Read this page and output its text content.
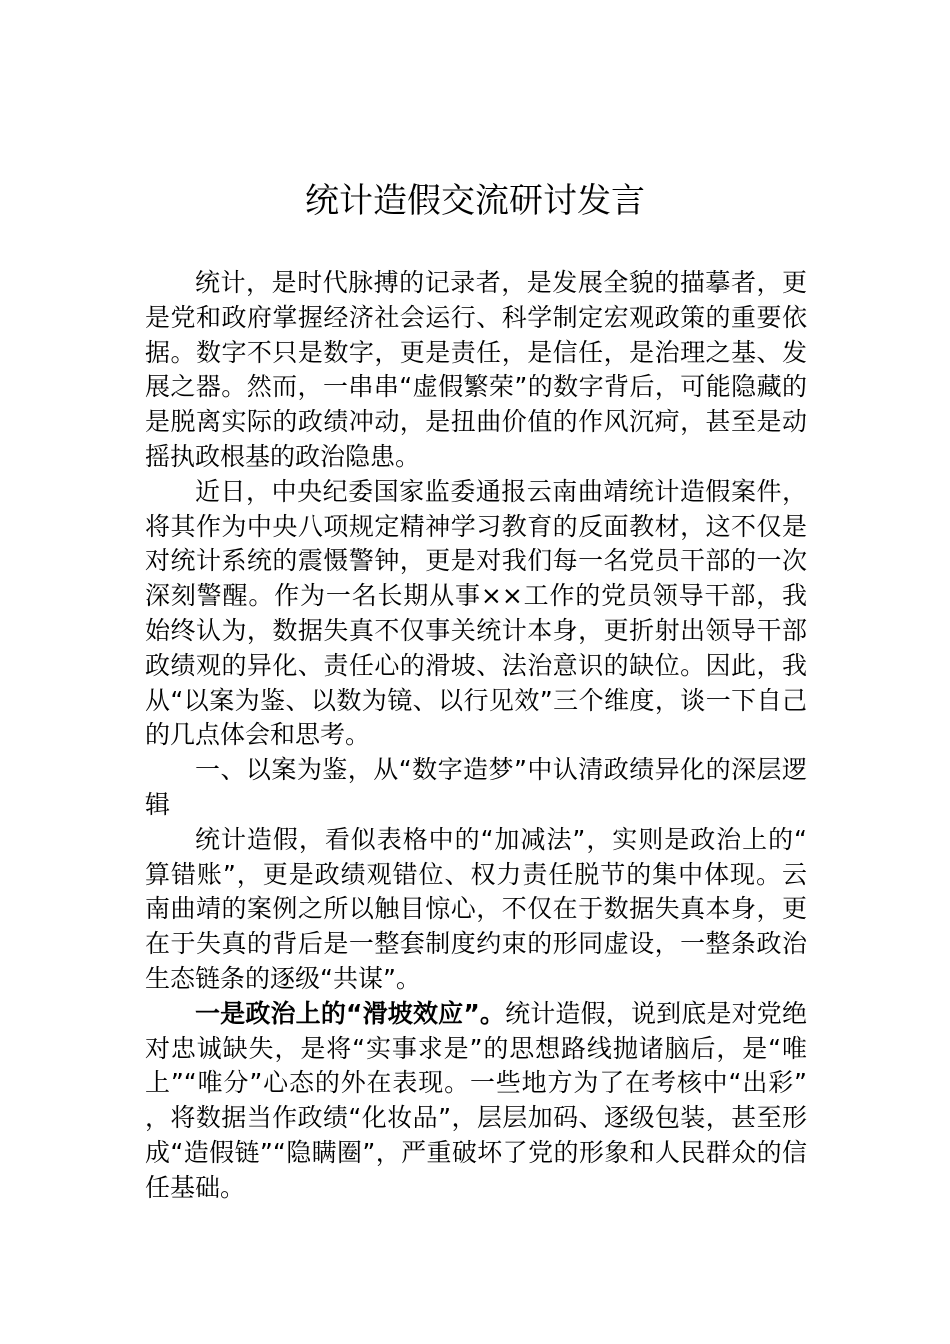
统计造假交流研讨发言

统计，是时代脉搏的记录者，是发展全貌的描摹者，更是党和政府掌握经济社会运行、科学制定宏观政策的重要依据。数字不只是数字，更是责任，是信任，是治理之基、发展之器。然而，一串串“虚假繁荣”的数字背后，可能隐藏的是脱离实际的政绩冲动，是扭曲价值的作风沉疴，甚至是动摇执政根基的政治隐患。

近日，中央纪委国家监委通报云南曲靖统计造假案件，将其作为中央八项规定精神学习教育的反面教材，这不仅是对统计系统的震慑警钟，更是对我们每一名党员干部的一次深刻警醒。作为一名长期从事××工作的党员领导干部，我始终认为，数据失真不仅事关统计本身，更折射出领导干部政绩观的异化、责任心的滑坡、法治意识的缺位。因此，我从“以案为鉴、以数为镜、以行见效”三个维度，谈一下自己的几点体会和思考。

一、以案为鉴，从“数字造梦”中认清政绩异化的深层逻辑

统计造假，看似表格中的“加减法”，实则是政治上的“算错账”，更是政绩观错位、权力责任脱节的集中体现。云南曲靖的案例之所以触目惊心，不仅在于数据失真本身，更在于失真的背后是一整套制度约束的形同虚设，一整条政治生态链条的逐级“共谋”。

一是政治上的“滑坡效应”。统计造假，说到底是对党绝对忠诚缺失，是将“实事求是”的思想路线抛诸脑后，是“唯上”“唯分”心态的外在表现。一些地方为了在考核中“出彩”，将数据当作政绩“化妆品”，层层加码、逐级包装，甚至形成“造假链”“隐瞒圈”，严重破坏了党的形象和人民群众的信任基础。
